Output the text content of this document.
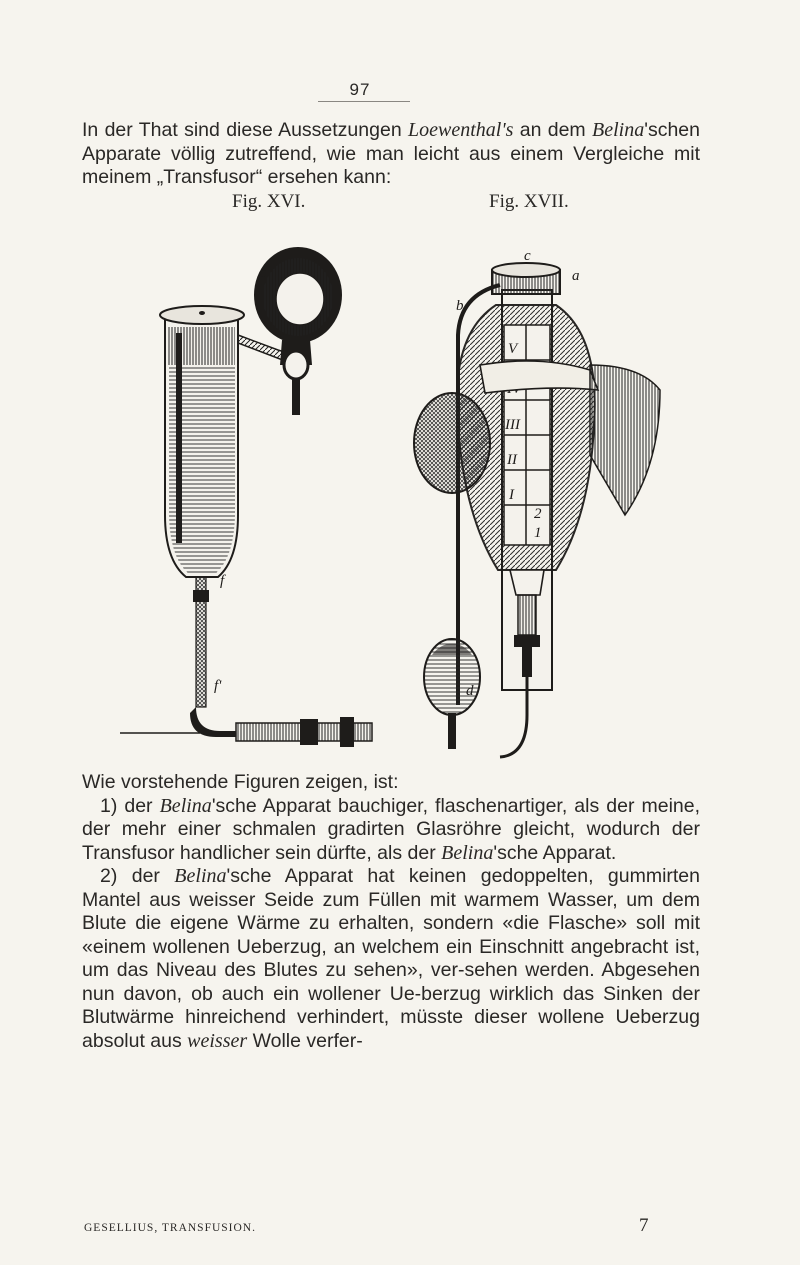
97

In der That sind diese Aussetzungen Loewenthal's an dem Belina'schen Apparate völlig zutreffend, wie man leicht aus einem Vergleiche mit meinem „Transfusor“ ersehen kann:

Fig. XVI.	Fig. XVII.
c
f
f'
V
III
II
I
2
1
b
c
a
d

Wie vorstehende Figuren zeigen, ist:

1) der Belina'sche Apparat bauchiger, flaschenartiger, als der meine, der mehr einer schmalen gradirten Glasröhre gleicht, wodurch der Transfusor handlicher sein dürfte, als der Belina'sche Apparat.

2) der Belina'sche Apparat hat keinen gedoppelten, gummirten Mantel aus weisser Seide zum Füllen mit warmem Wasser, um dem Blute die eigene Wärme zu erhalten, sondern «die Flasche» soll mit «einem wollenen Ueberzug, an welchem ein Einschnitt angebracht ist, um das Niveau des Blutes zu sehen», ver-sehen werden. Abgesehen nun davon, ob auch ein wollener Ue-berzug wirklich das Sinken der Blutwärme hinreichend verhindert, müsste dieser wollene Ueberzug absolut aus weisser Wolle verfer-

GESELLIUS, TRANSFUSION.	7
